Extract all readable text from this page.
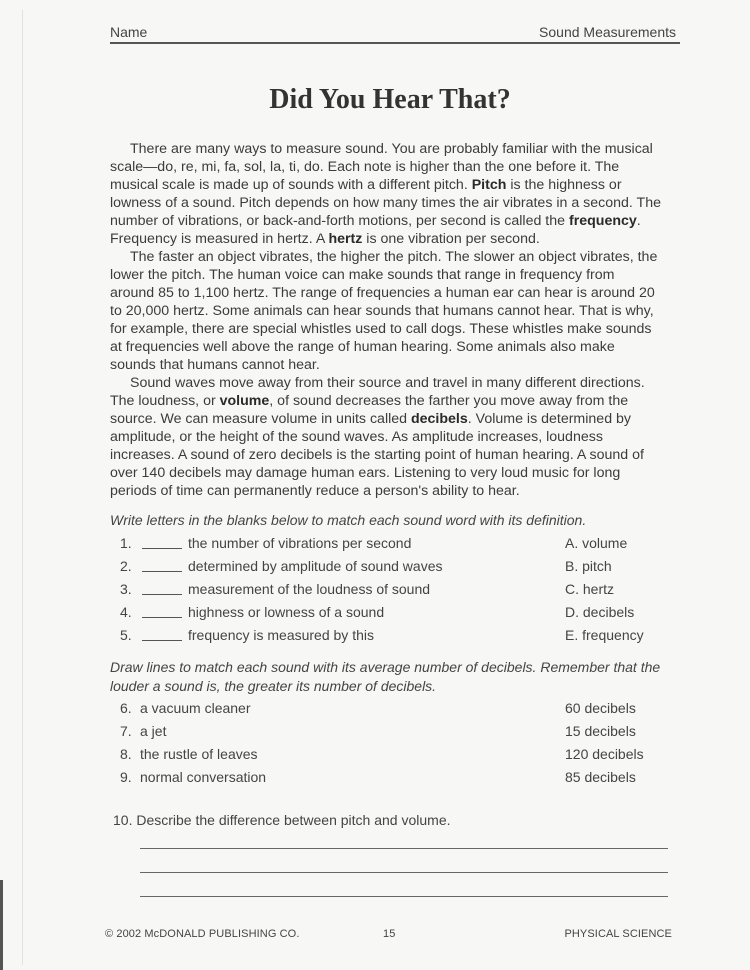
Name	Sound Measurements
Did You Hear That?

There are many ways to measure sound. You are probably familiar with the musical scale—do, re, mi, fa, sol, la, ti, do. Each note is higher than the one before it. The musical scale is made up of sounds with a different pitch. Pitch is the highness or lowness of a sound. Pitch depends on how many times the air vibrates in a second. The number of vibrations, or back-and-forth motions, per second is called the frequency. Frequency is measured in hertz. A hertz is one vibration per second.

The faster an object vibrates, the higher the pitch. The slower an object vibrates, the lower the pitch. The human voice can make sounds that range in frequency from around 85 to 1,100 hertz. The range of frequencies a human ear can hear is around 20 to 20,000 hertz. Some animals can hear sounds that humans cannot hear. That is why, for example, there are special whistles used to call dogs. These whistles make sounds at frequencies well above the range of human hearing. Some animals also make sounds that humans cannot hear.

Sound waves move away from their source and travel in many different directions. The loudness, or volume, of sound decreases the farther you move away from the source. We can measure volume in units called decibels. Volume is determined by amplitude, or the height of the sound waves. As amplitude increases, loudness increases. A sound of zero decibels is the starting point of human hearing. A sound of over 140 decibels may damage human ears. Listening to very loud music for long periods of time can permanently reduce a person's ability to hear.

Write letters in the blanks below to match each sound word with its definition.
1.	the number of vibrations per second	A. volume
2.	determined by amplitude of sound waves	B. pitch
3.	measurement of the loudness of sound	C. hertz
4.	highness or lowness of a sound	D. decibels
5.	frequency is measured by this	E. frequency
Draw lines to match each sound with its average number of decibels. Remember that the louder a sound is, the greater its number of decibels.
6. a vacuum cleaner	60 decibels
7. a jet	15 decibels
8. the rustle of leaves	120 decibels
9. normal conversation	85 decibels
10. Describe the difference between pitch and volume.
© 2002 McDONALD PUBLISHING CO.	15	PHYSICAL SCIENCE
